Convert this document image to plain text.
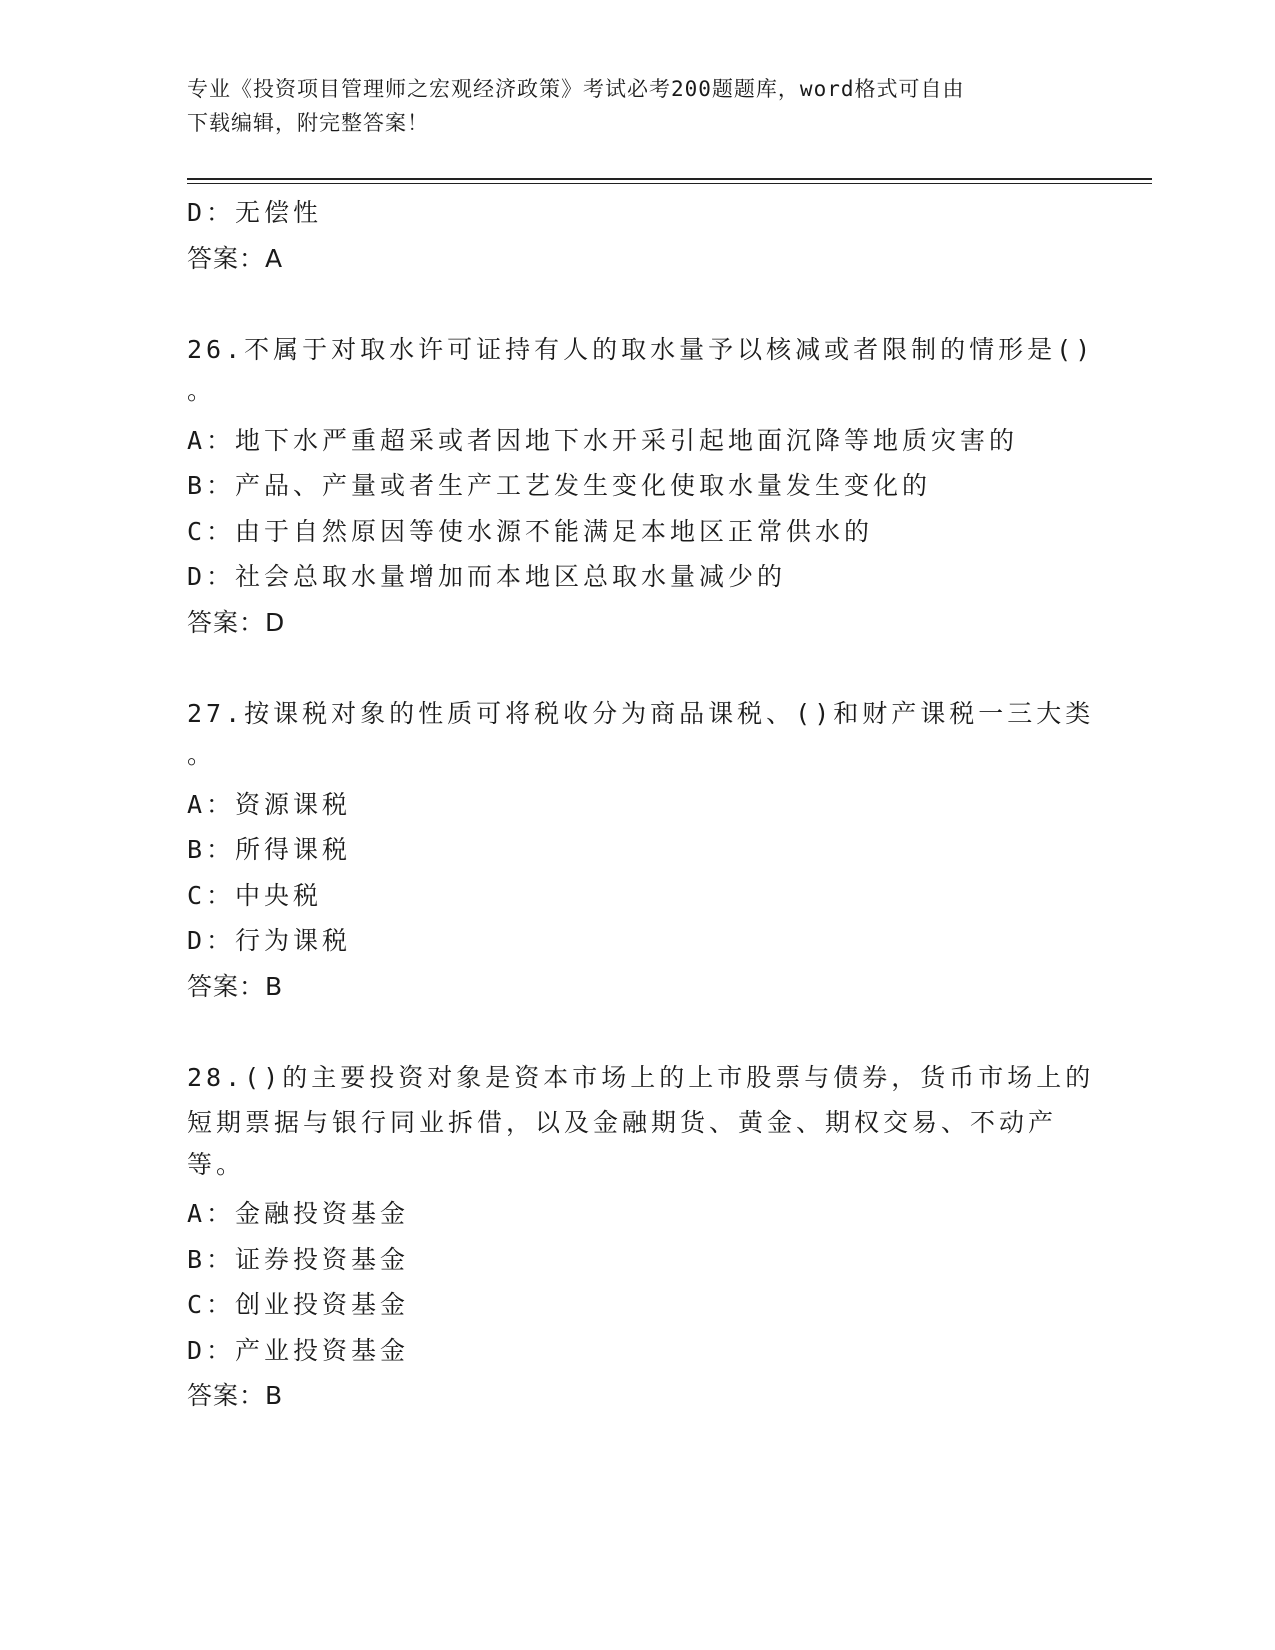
专业《投资项目管理师之宏观经济政策》考试必考200题题库，word格式可自由
下载编辑，附完整答案！
D：无偿性
答案：A
26.不属于对取水许可证持有人的取水量予以核减或者限制的情形是()
。
A：地下水严重超采或者因地下水开采引起地面沉降等地质灾害的
B：产品、产量或者生产工艺发生变化使取水量发生变化的
C：由于自然原因等使水源不能满足本地区正常供水的
D：社会总取水量增加而本地区总取水量减少的
答案：D
27.按课税对象的性质可将税收分为商品课税、()和财产课税一三大类
。
A：资源课税
B：所得课税
C：中央税
D：行为课税
答案：B
28.()的主要投资对象是资本市场上的上市股票与债券，货币市场上的
短期票据与银行同业拆借，以及金融期货、黄金、期权交易、不动产
等。
A：金融投资基金
B：证券投资基金
C：创业投资基金
D：产业投资基金
答案：B
